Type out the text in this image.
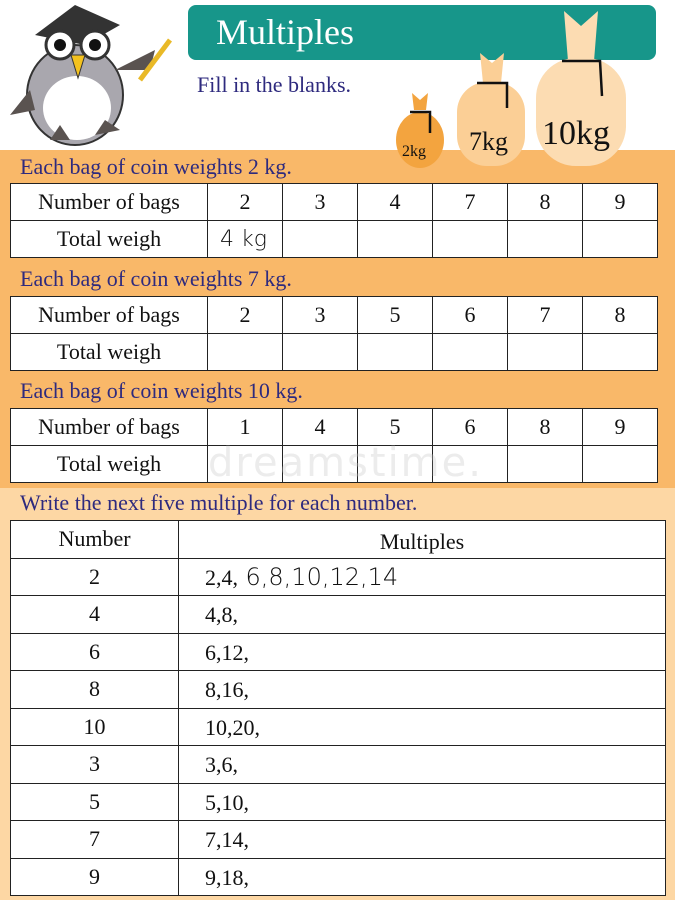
Multiples
Fill in the blanks.
2kg 7kg 10kg
Each bag of coin weights 2 kg.
Number of bags	2	3	4	7	8	9
Total weigh	4 kg					
Each bag of coin weights 7 kg.
Number of bags	2	3	5	6	7	8
Total weigh						
Each bag of coin weights 10 kg.
Number of bags	1	4	5	6	8	9
Total weigh						
Write the next five multiple for each number.
Number	Multiples
2	2,4, 6,8,10,12,14
4	4,8,
6	6,12,
8	8,16,
10	10,20,
3	3,6,
5	5,10,
7	7,14,
9	9,18,
dreamstime.
